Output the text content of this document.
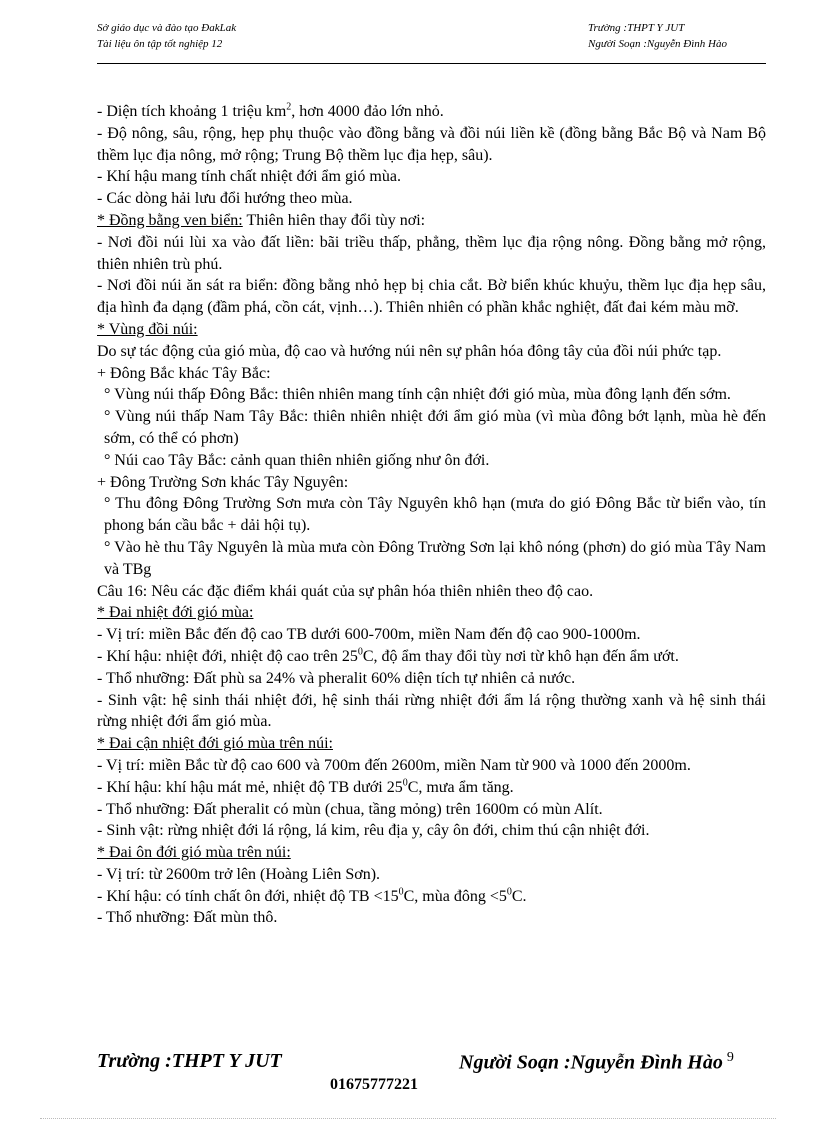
Sở giáo dục và đào tạo ĐakLak
Tài liệu ôn tập tốt nghiệp 12
Trường :THPT Y JUT
Người Soạn :Nguyễn Đình Hào
- Diện tích khoảng 1 triệu $km^2$, hơn 4000 đảo lớn nhỏ.
- Độ nông, sâu, rộng, hẹp phụ thuộc vào đồng bằng và đồi núi liền kề (đồng bằng Bắc Bộ và Nam Bộ thềm lục địa nông, mở rộng; Trung Bộ thềm lục địa hẹp, sâu).
- Khí hậu mang tính chất nhiệt đới ẩm gió mùa.
- Các dòng hải lưu đổi hướng theo mùa.
* Đồng bằng ven biển: Thiên hiên thay đổi tùy nơi:
- Nơi đồi núi lùi xa vào đất liền: bãi triều thấp, phẳng, thềm lục địa rộng nông. Đồng bằng mở rộng, thiên nhiên trù phú.
- Nơi đồi núi ăn sát ra biển: đồng bằng nhỏ hẹp bị chia cắt. Bờ biển khúc khuỷu, thềm lục địa hẹp sâu, địa hình đa dạng (đầm phá, cồn cát, vịnh…). Thiên nhiên có phần khắc nghiệt, đất đai kém màu mỡ.
* Vùng đồi núi:
Do sự tác động của gió mùa, độ cao và hướng núi nên sự phân hóa đông tây của đồi núi phức tạp.
+ Đông Bắc khác Tây Bắc:
° Vùng núi thấp Đông Bắc: thiên nhiên mang tính cận nhiệt đới gió mùa, mùa đông lạnh đến sớm.
° Vùng núi thấp Nam Tây Bắc: thiên nhiên nhiệt đới ẩm gió mùa (vì mùa đông bớt lạnh, mùa hè đến sớm, có thể có phơn)
° Núi cao Tây Bắc: cảnh quan thiên nhiên giống như ôn đới.
+ Đông Trường Sơn khác Tây Nguyên:
° Thu đông Đông Trường Sơn mưa còn Tây Nguyên khô hạn (mưa do gió Đông Bắc từ biển vào, tín phong bán cầu bắc + dải hội tụ).
° Vào hè thu Tây Nguyên là mùa mưa còn Đông Trường Sơn lại khô nóng (phơn) do gió mùa Tây Nam và TBg
Câu 16: Nêu các đặc điểm khái quát của sự phân hóa thiên nhiên theo độ cao.
* Đai nhiệt đới gió mùa:
- Vị trí: miền Bắc đến độ cao TB dưới 600-700m, miền Nam đến độ cao 900-1000m.
- Khí hậu: nhiệt đới, nhiệt độ cao trên $25^0C$, độ ẩm thay đổi tùy nơi từ khô hạn đến ẩm ướt.
- Thổ nhưỡng: Đất phù sa 24% và pheralit 60% diện tích tự nhiên cả nước.
- Sinh vật: hệ sinh thái nhiệt đới, hệ sinh thái rừng nhiệt đới ẩm lá rộng thường xanh và hệ sinh thái rừng nhiệt đới ẩm gió mùa.
* Đai cận nhiệt đới gió mùa trên núi:
- Vị trí: miền Bắc từ độ cao 600 và 700m đến 2600m, miền Nam từ 900 và 1000 đến 2000m.
- Khí hậu: khí hậu mát mẻ, nhiệt độ TB dưới $25^0C$, mưa ẩm tăng.
- Thổ nhưỡng: Đất pheralit có mùn (chua, tầng mỏng) trên 1600m có mùn Alít.
- Sinh vật: rừng nhiệt đới lá rộng, lá kim, rêu địa y, cây ôn đới, chim thú cận nhiệt đới.
* Đai ôn đới gió mùa trên núi:
- Vị trí: từ 2600m trở lên (Hoàng Liên Sơn).
- Khí hậu: có tính chất ôn đới, nhiệt độ TB $<15^0C$, mùa đông $<5^0C$.
- Thổ nhưỡng: Đất mùn thô.
Trường :THPT Y JUT	Người Soạn :Nguyễn Đình Hào $^9$
01675777221
